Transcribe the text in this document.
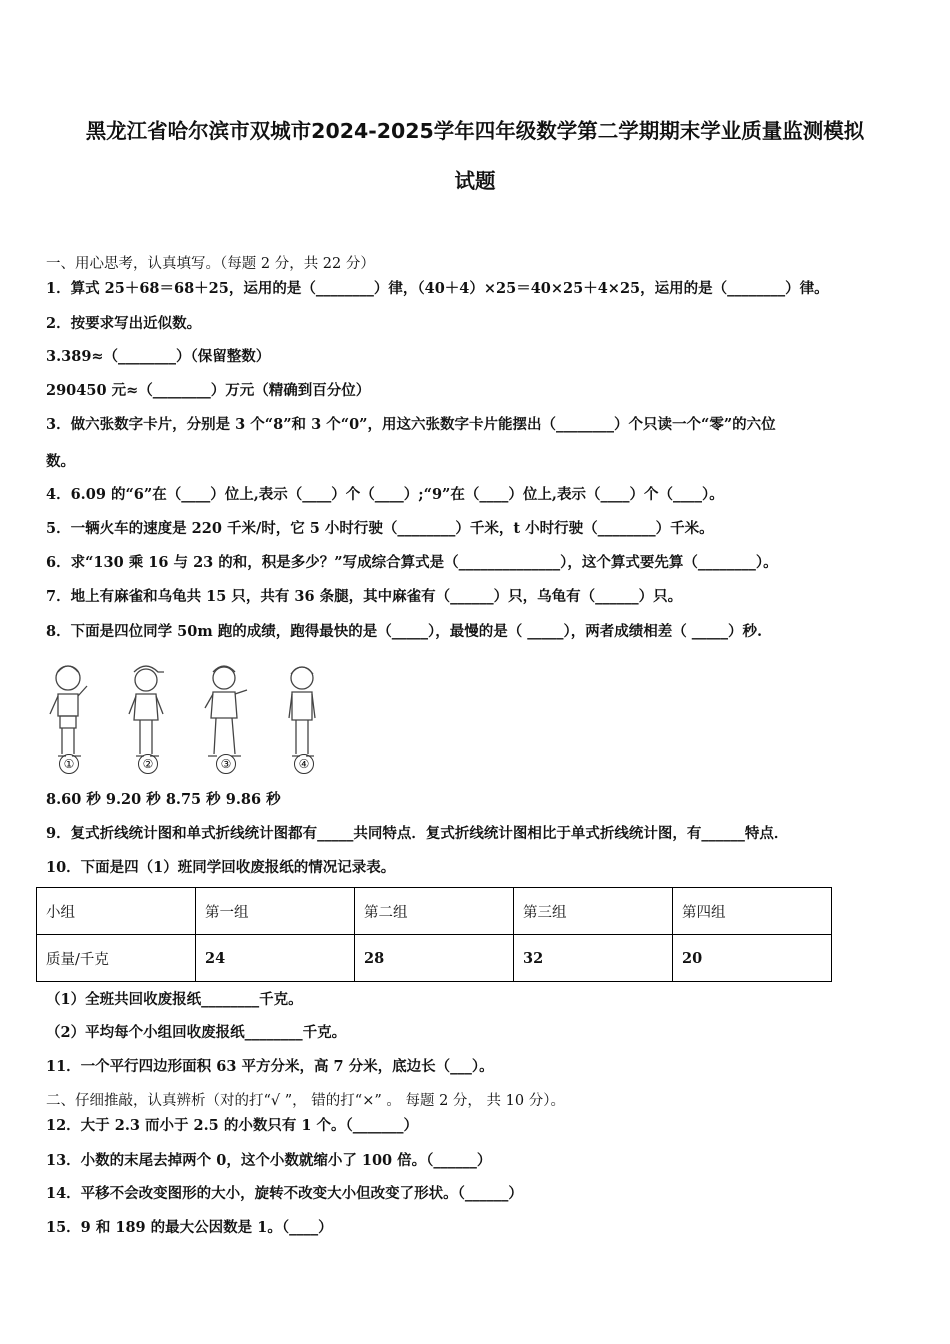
黑龙江省哈尔滨市双城市2024-2025学年四年级数学第二学期期末学业质量监测模拟
试题
一、用心思考，认真填写。（每题 2 分，共 22 分）
1．算式 25＋68＝68＋25，运用的是（________）律，（40＋4）×25＝40×25＋4×25，运用的是（________）律。
2．按要求写出近似数。
3.389≈（________）（保留整数）
290450 元≈（________）万元（精确到百分位）
3．做六张数字卡片，分别是 3 个“8”和 3 个“0”，用这六张数字卡片能摆出（________）个只读一个“零”的六位
数。
4．6.09 的“6”在（____）位上,表示（____）个（____）;“9”在（____）位上,表示（____）个（____）。
5．一辆火车的速度是 220 千米/时，它 5 小时行驶（________）千米，t 小时行驶（________）千米。
6．求“130 乘 16 与 23 的和，积是多少？”写成综合算式是（______________），这个算式要先算（________）。
7．地上有麻雀和乌龟共 15 只，共有 36 条腿，其中麻雀有（______）只，乌龟有（______）只。
8．下面是四位同学 50m 跑的成绩，跑得最快的是（_____），最慢的是（ _____），两者成绩相差（ _____）秒.
①	②	③	④
8.60 秒 9.20 秒 8.75 秒 9.86 秒
9．复式折线统计图和单式折线统计图都有_____共同特点．复式折线统计图相比于单式折线统计图，有______特点．
10．下面是四（1）班同学回收废报纸的情况记录表。
小组	第一组	第二组	第三组	第四组
质量/千克	24	28	32	20
（1）全班共回收废报纸________千克。
（2）平均每个小组回收废报纸________千克。
11．一个平行四边形面积 63 平方分米，高 7 分米，底边长（___）。
二、仔细推敲，认真辨析（对的打“√ ”， 错的打“×” 。 每题 2 分， 共 10 分）。
12．大于 2.3 而小于 2.5 的小数只有 1 个。（_______）
13．小数的末尾去掉两个 0，这个小数就缩小了 100 倍。（______）
14．平移不会改变图形的大小，旋转不改变大小但改变了形状。（______）
15．9 和 189 的最大公因数是 1。（____）
